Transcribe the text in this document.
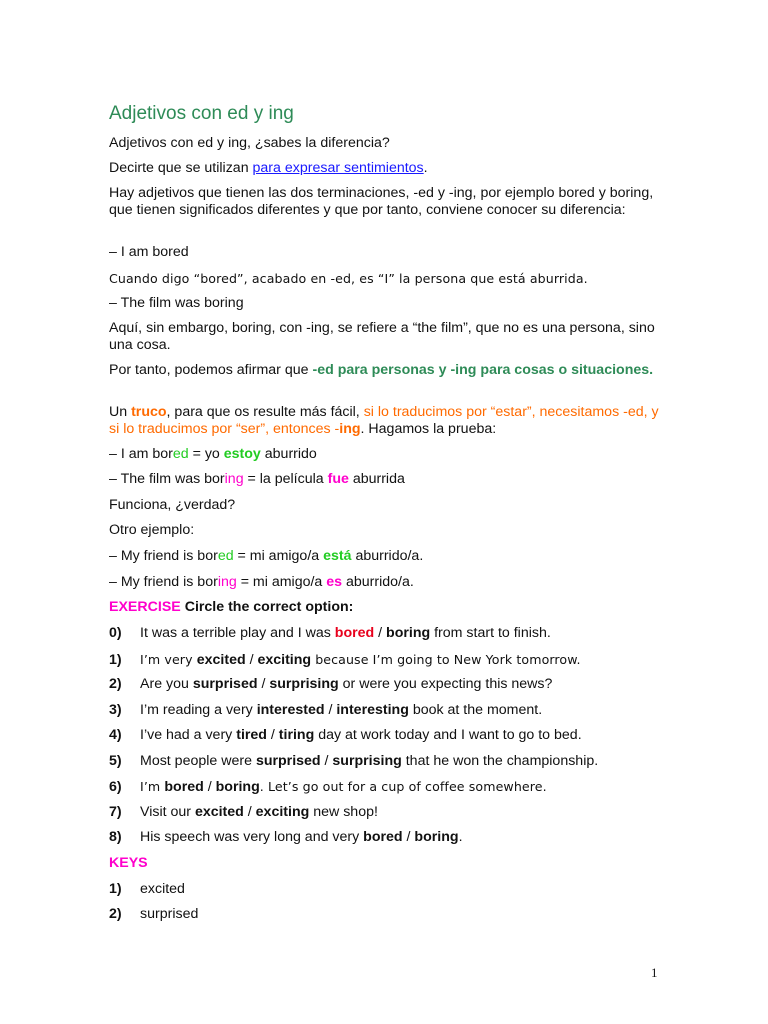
Adjetivos con ed y ing

Adjetivos con ed y ing, ¿sabes la diferencia?

Decirte que se utilizan para expresar sentimientos.

Hay adjetivos que tienen las dos terminaciones, -ed y -ing, por ejemplo bored y boring, que tienen significados diferentes y que por tanto, conviene conocer su diferencia:

– I am bored

Cuando digo “bored”, acabado en -ed, es “I” la persona que está aburrida.

– The film was boring

Aquí, sin embargo, boring, con -ing, se refiere a “the film”, que no es una persona, sino una cosa.

Por tanto, podemos afirmar que -ed para personas y -ing para cosas o situaciones.

Un truco, para que os resulte más fácil, si lo traducimos por “estar”, necesitamos -ed, y si lo traducimos por “ser”, entonces -ing. Hagamos la prueba:

– I am bored = yo estoy aburrido

– The film was boring = la película fue aburrida

Funciona, ¿verdad?

Otro ejemplo:

– My friend is bored = mi amigo/a está aburrido/a.

– My friend is boring = mi amigo/a es aburrido/a.

EXERCISE Circle the correct option:

0) It was a terrible play and I was bored / boring from start to finish.

1) I’m very excited / exciting because I’m going to New York tomorrow.

2) Are you surprised / surprising or were you expecting this news?

3) I’m reading a very interested / interesting book at the moment.

4) I’ve had a very tired / tiring day at work today and I want to go to bed.

5) Most people were surprised / surprising that he won the championship.

6) I’m bored / boring. Let’s go out for a cup of coffee somewhere.

7) Visit our excited / exciting new shop!

8) His speech was very long and very bored / boring.

KEYS

1) excited

2) surprised

1
